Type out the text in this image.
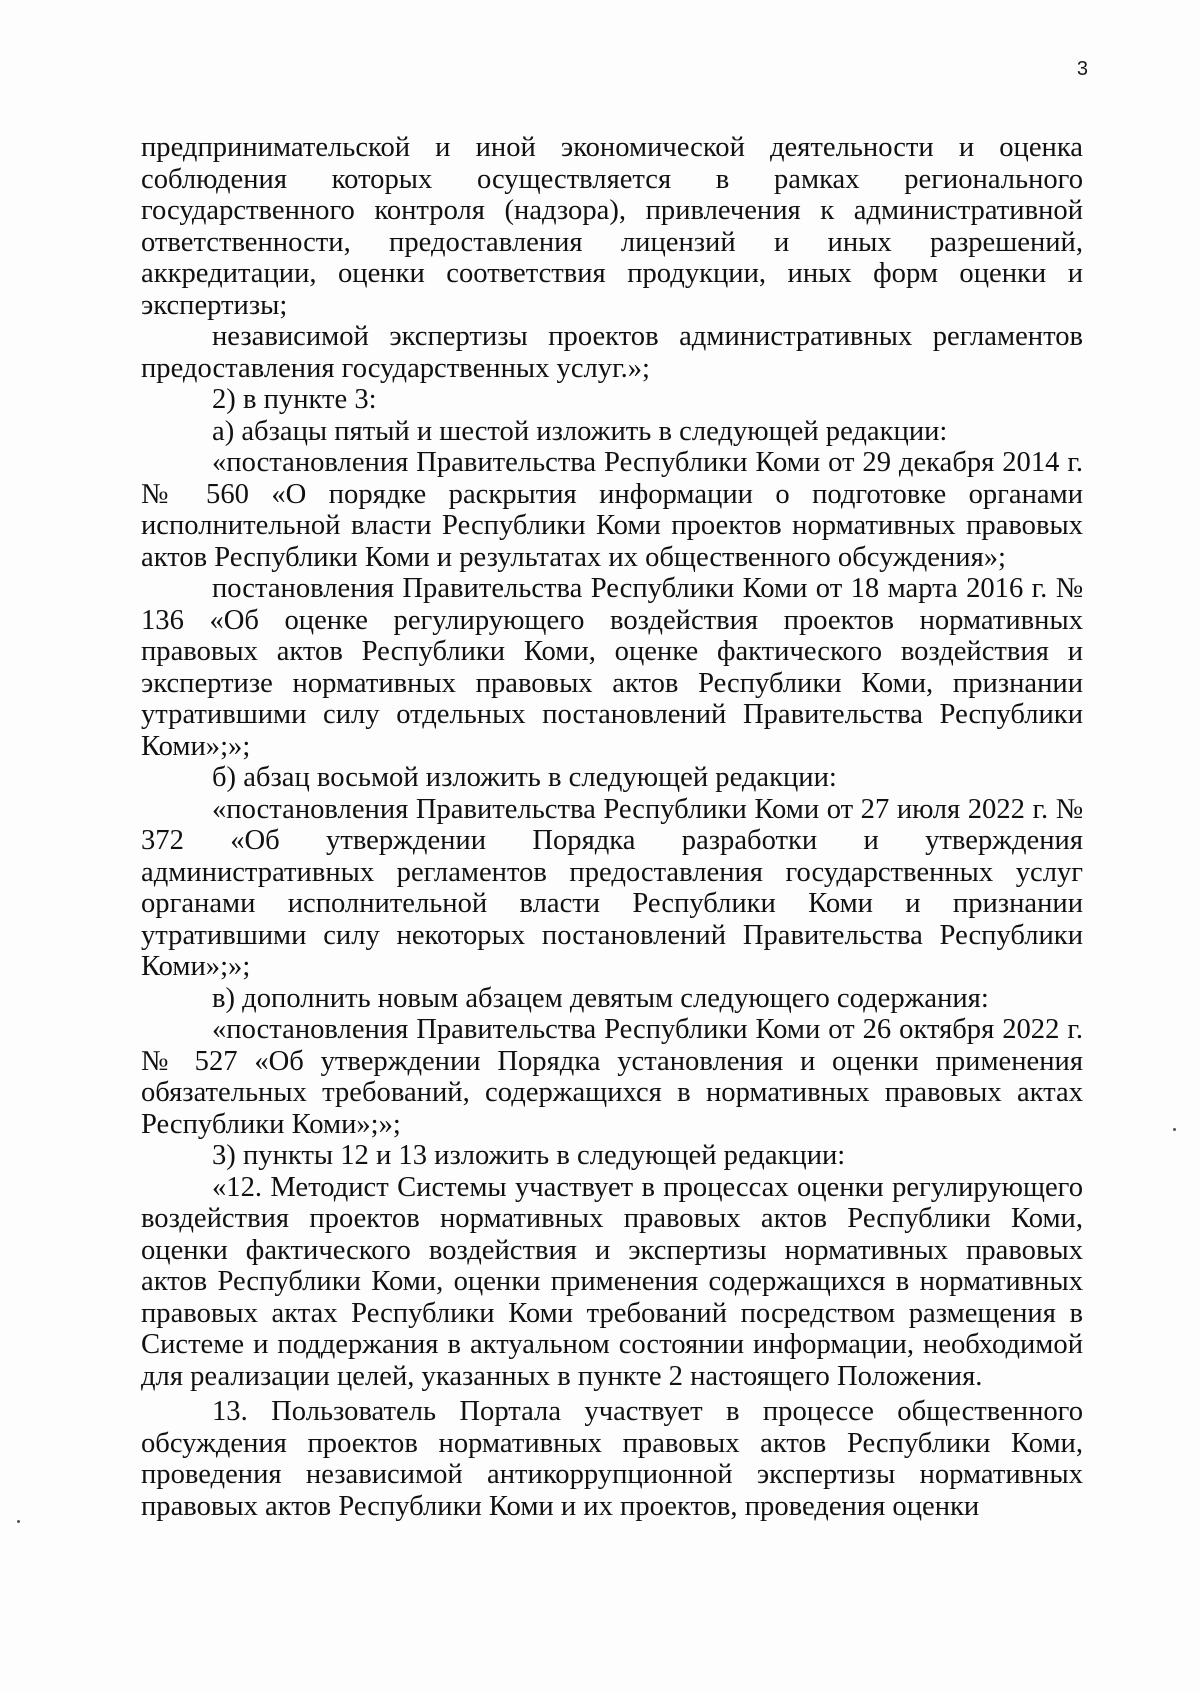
3

предпринимательской и иной экономической деятельности и оценка соблюдения которых осуществляется в рамках регионального государственного контроля (надзора), привлечения к административной ответственности, предоставления лицензий и иных разрешений, аккредитации, оценки соответствия продукции, иных форм оценки и экспертизы;

независимой экспертизы проектов административных регламентов предоставления государственных услуг.»;

2) в пункте 3:

а) абзацы пятый и шестой изложить в следующей редакции:

«постановления Правительства Республики Коми от 29 декабря 2014 г. № 560 «О порядке раскрытия информации о подготовке органами исполнительной власти Республики Коми проектов нормативных правовых актов Республики Коми и результатах их общественного обсуждения»;

постановления Правительства Республики Коми от 18 марта 2016 г. № 136 «Об оценке регулирующего воздействия проектов нормативных правовых актов Республики Коми, оценке фактического воздействия и экспертизе нормативных правовых актов Республики Коми, признании утратившими силу отдельных постановлений Правительства Республики Коми»;»;

б) абзац восьмой изложить в следующей редакции:

«постановления Правительства Республики Коми от 27 июля 2022 г. № 372 «Об утверждении Порядка разработки и утверждения административных регламентов предоставления государственных услуг органами исполнительной власти Республики Коми и признании утратившими силу некоторых постановлений Правительства Республики Коми»;»;

в) дополнить новым абзацем девятым следующего содержания:

«постановления Правительства Республики Коми от 26 октября 2022 г. № 527 «Об утверждении Порядка установления и оценки применения обязательных требований, содержащихся в нормативных правовых актах Республики Коми»;»;

3) пункты 12 и 13 изложить в следующей редакции:

«12. Методист Системы участвует в процессах оценки регулирующего воздействия проектов нормативных правовых актов Республики Коми, оценки фактического воздействия и экспертизы нормативных правовых актов Республики Коми, оценки применения содержащихся в нормативных правовых актах Республики Коми требований посредством размещения в Системе и поддержания в актуальном состоянии информации, необходимой для реализации целей, указанных в пункте 2 настоящего Положения.

13. Пользователь Портала участвует в процессе общественного обсуждения проектов нормативных правовых актов Республики Коми, проведения независимой антикоррупционной экспертизы нормативных правовых актов Республики Коми и их проектов, проведения оценки
